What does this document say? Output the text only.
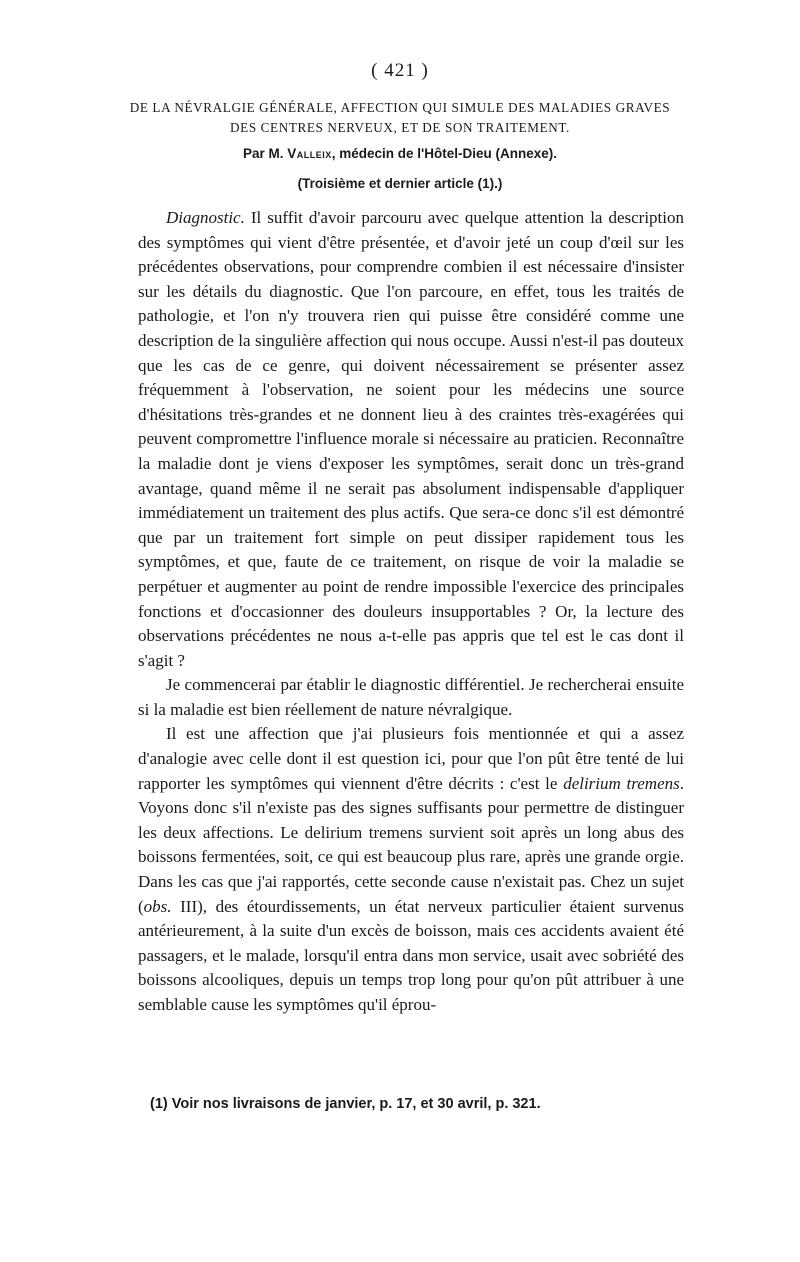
( 421 )
DE LA NÉVRALGIE GÉNÉRALE, AFFECTION QUI SIMULE DES MALADIES GRAVES
DES CENTRES NERVEUX, ET DE SON TRAITEMENT.
Par M. Valleix, médecin de l'Hôtel-Dieu (Annexe).
(Troisième et dernier article (1).)

Diagnostic. Il suffit d'avoir parcouru avec quelque attention la description des symptômes qui vient d'être présentée, et d'avoir jeté un coup d'œil sur les précédentes observations, pour comprendre combien il est nécessaire d'insister sur les détails du diagnostic. Que l'on parcoure, en effet, tous les traités de pathologie, et l'on n'y trouvera rien qui puisse être considéré comme une description de la singulière affection qui nous occupe. Aussi n'est-il pas douteux que les cas de ce genre, qui doivent nécessairement se présenter assez fréquemment à l'observation, ne soient pour les médecins une source d'hésitations très-grandes et ne donnent lieu à des craintes très-exagérées qui peuvent compromettre l'influence morale si nécessaire au praticien. Reconnaître la maladie dont je viens d'exposer les symptômes, serait donc un très-grand avantage, quand même il ne serait pas absolument indispensable d'appliquer immédiatement un traitement des plus actifs. Que sera-ce donc s'il est démontré que par un traitement fort simple on peut dissiper rapidement tous les symptômes, et que, faute de ce traitement, on risque de voir la maladie se perpétuer et augmenter au point de rendre impossible l'exercice des principales fonctions et d'occasionner des douleurs insupportables ? Or, la lecture des observations précédentes ne nous a-t-elle pas appris que tel est le cas dont il s'agit ?

Je commencerai par établir le diagnostic différentiel. Je rechercherai ensuite si la maladie est bien réellement de nature névralgique.

Il est une affection que j'ai plusieurs fois mentionnée et qui a assez d'analogie avec celle dont il est question ici, pour que l'on pût être tenté de lui rapporter les symptômes qui viennent d'être décrits : c'est le delirium tremens. Voyons donc s'il n'existe pas des signes suffisants pour permettre de distinguer les deux affections. Le delirium tremens survient soit après un long abus des boissons fermentées, soit, ce qui est beaucoup plus rare, après une grande orgie. Dans les cas que j'ai rapportés, cette seconde cause n'existait pas. Chez un sujet (obs. III), des étourdissements, un état nerveux particulier étaient survenus antérieurement, à la suite d'un excès de boisson, mais ces accidents avaient été passagers, et le malade, lorsqu'il entra dans mon service, usait avec sobriété des boissons alcooliques, depuis un temps trop long pour qu'on pût attribuer à une semblable cause les symptômes qu'il éprou-

(1) Voir nos livraisons de janvier, p. 17, et 30 avril, p. 321.
